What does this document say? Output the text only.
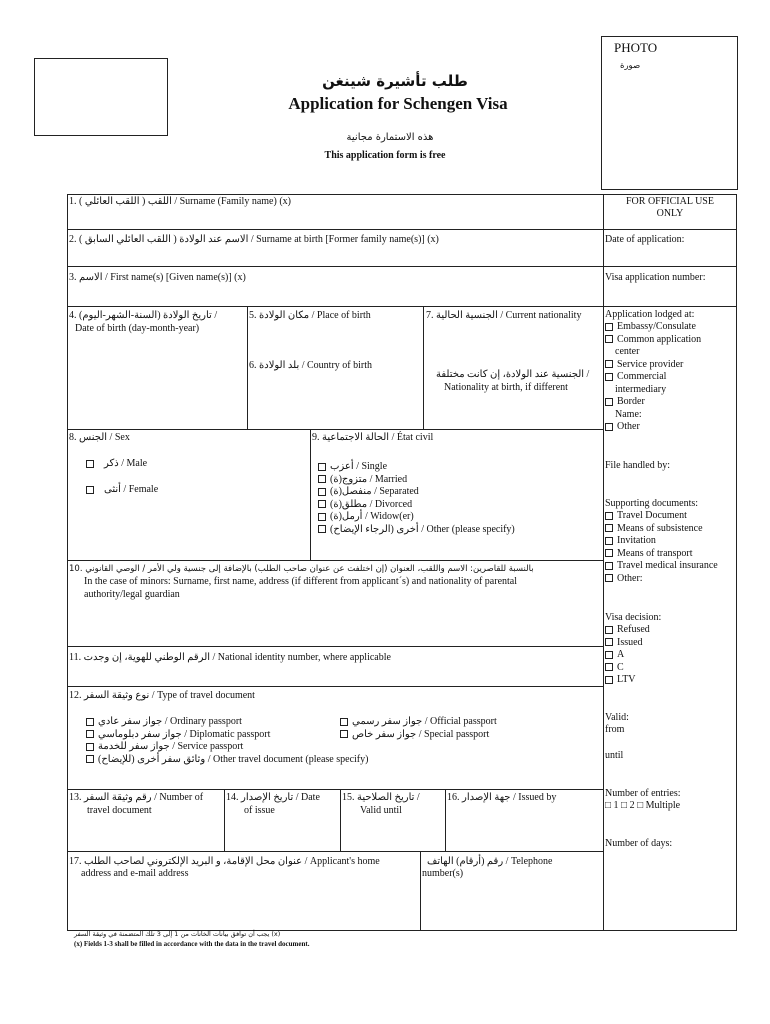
PHOTO
صورة
طلب تأشيرة شينغن
Application for Schengen Visa
هذه الاستمارة مجانية
This application form is free
1. ( اللقب العائلي ) اللقب / Surname (Family name) (x)
2. ( اللقب العائلي السابق ) الاسم عند الولادة / Surname at birth [Former family name(s)] (x)
3. الاسم / First name(s) [Given name(s)] (x)
4. تاريخ الولادة (السنة-الشهر-اليوم) /
Date of birth (day-month-year)
5. مكان الولادة / Place of birth
6. بلد الولادة / Country of birth
7. الجنسية الحالية / Current nationality
الجنسية عند الولادة، إن كانت مختلفة /
Nationality at birth, if different
8. الجنس / Sex
ذكر / Male
أنثى / Female
9. الحالة الاجتماعية / État civil
أعزب / Single
متزوج(ة) / Married
منفصل(ة) / Separated
مطلق(ة) / Divorced
أرمل(ة) / Widow(er)
أخرى (الرجاء الإيضاح) / Other (please specify)
10. بالنسبة للقاصرين: الاسم واللقب، العنوان (إن اختلفت عن عنوان صاحب الطلب) بالإضافة إلى جنسية ولي الأمر / الوصي القانوني
In the case of minors: Surname, first name, address (if different from applicant´s) and nationality of parental
authority/legal guardian
11. الرقم الوطني للهوية، إن وجدت / National identity number, where applicable
12. نوع وثيقة السفر / Type of travel document
جواز سفر عادي / Ordinary passport
جواز سفر دبلوماسي / Diplomatic passport
جواز سفر للخدمة / Service passport
وثائق سفر أخرى (للإيضاح) / Other travel document (please specify)
جواز سفر رسمي / Official passport
جواز سفر خاص / Special passport
13. رقم وثيقة السفر / Number of
travel document
14. تاريخ الإصدار / Date
of issue
15. تاريخ الصلاحية /
Valid until
16. جهة الإصدار / Issued by
17. عنوان محل الإقامة، و البريد الإلكتروني لصاحب الطلب / Applicant's home
address and e-mail address
رقم (أرقام) الهاتف / Telephone
number(s)
FOR OFFICIAL USE
ONLY
Date of application:
Visa application number:
Application lodged at:
Embassy/Consulate
Common application
center
Service provider
Commercial
intermediary
Border
Name:
Other
File handled by:
Supporting documents:
Travel Document
Means of subsistence
Invitation
Means of transport
Travel medical insurance
Other:
Visa decision:
Refused
Issued
A
C
LTV
Valid:
from
until
Number of entries:
□ 1 □ 2 □ Multiple
Number of days:
يجب أن توافق بيانات الخانات من 1 إلى 3 تلك المتضمنة في وثيقة السفر (x)
(x) Fields 1-3 shall be filled in accordance with the data in the travel document.
